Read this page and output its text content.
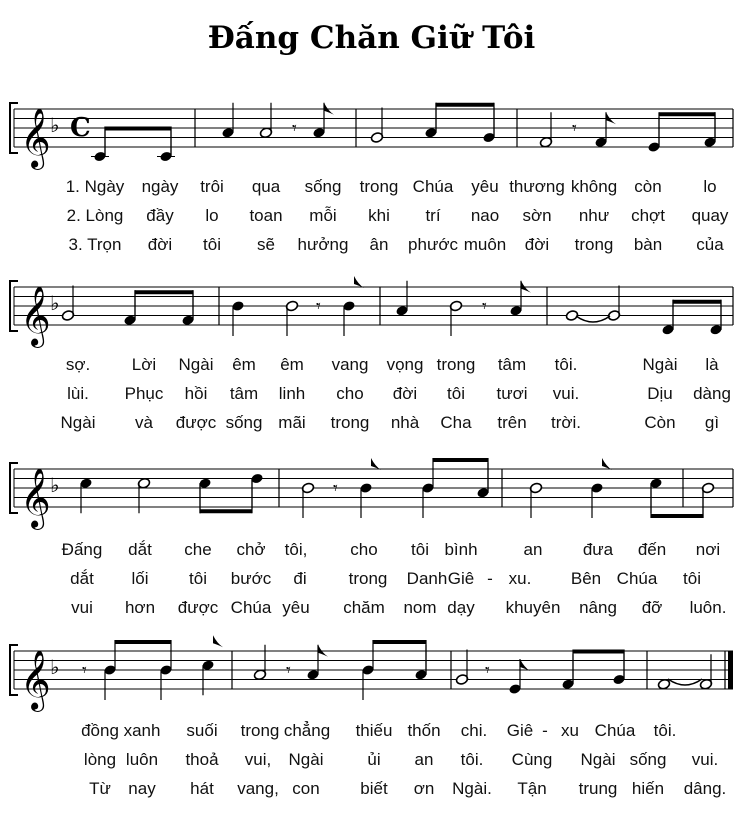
Đấng Chăn Giữ Tôi
𝄞 ♭ C	𝄾	𝄾
𝄞 ♭	𝄾	𝄾
𝄞 ♭	𝄾
𝄞 ♭ 𝄾	𝄾	𝄾
1. Ngày ngày trôi qua sống trong Chúa yêu thương không còn lo
2. Lòng đầy lo toan mỗi khi trí nao sờn như chợt quay
3. Trọn đời tôi sẽ hưởng ân phước muôn đời trong bàn của
sợ. Lời Ngài êm êm vang vọng trong tâm tôi.	Ngài là
lùi. Phục hồi tâm linh cho đời tôi tươi vui.	Dịu dàng
Ngài và được sống mãi trong nhà Cha trên trời.	Còn gì
Đấng dắt che chở tôi,	cho tôi bình	an đưa đến nơi
dắt lối tôi bước đi trong Danh Giê - xu. Bên Chúa tôi
vui hơn được Chúa yêu chăm nom dạy khuyên nâng đỡ luôn.
đồng xanh suối trong chẳng thiếu thốn chi. Giê - xu Chúa tôi.
lòng luôn thoả vui, Ngài	ủi an tôi. Cùng Ngài sống vui.
Từ nay hát vang, con biết ơn Ngài. Tận trung hiến dâng.
